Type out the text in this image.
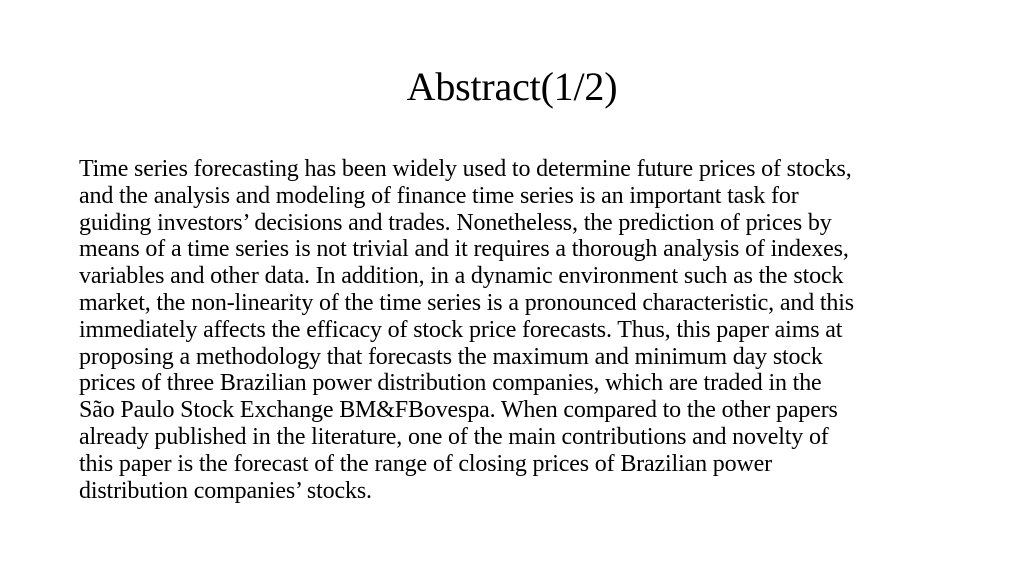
Abstract(1/2)

Time series forecasting has been widely used to determine future prices of stocks,
and the analysis and modeling of finance time series is an important task for
guiding investors’ decisions and trades. Nonetheless, the prediction of prices by
means of a time series is not trivial and it requires a thorough analysis of indexes,
variables and other data. In addition, in a dynamic environment such as the stock
market, the non-linearity of the time series is a pronounced characteristic, and this
immediately affects the efficacy of stock price forecasts. Thus, this paper aims at
proposing a methodology that forecasts the maximum and minimum day stock
prices of three Brazilian power distribution companies, which are traded in the
São Paulo Stock Exchange BM&FBovespa. When compared to the other papers
already published in the literature, one of the main contributions and novelty of
this paper is the forecast of the range of closing prices of Brazilian power
distribution companies’ stocks.
